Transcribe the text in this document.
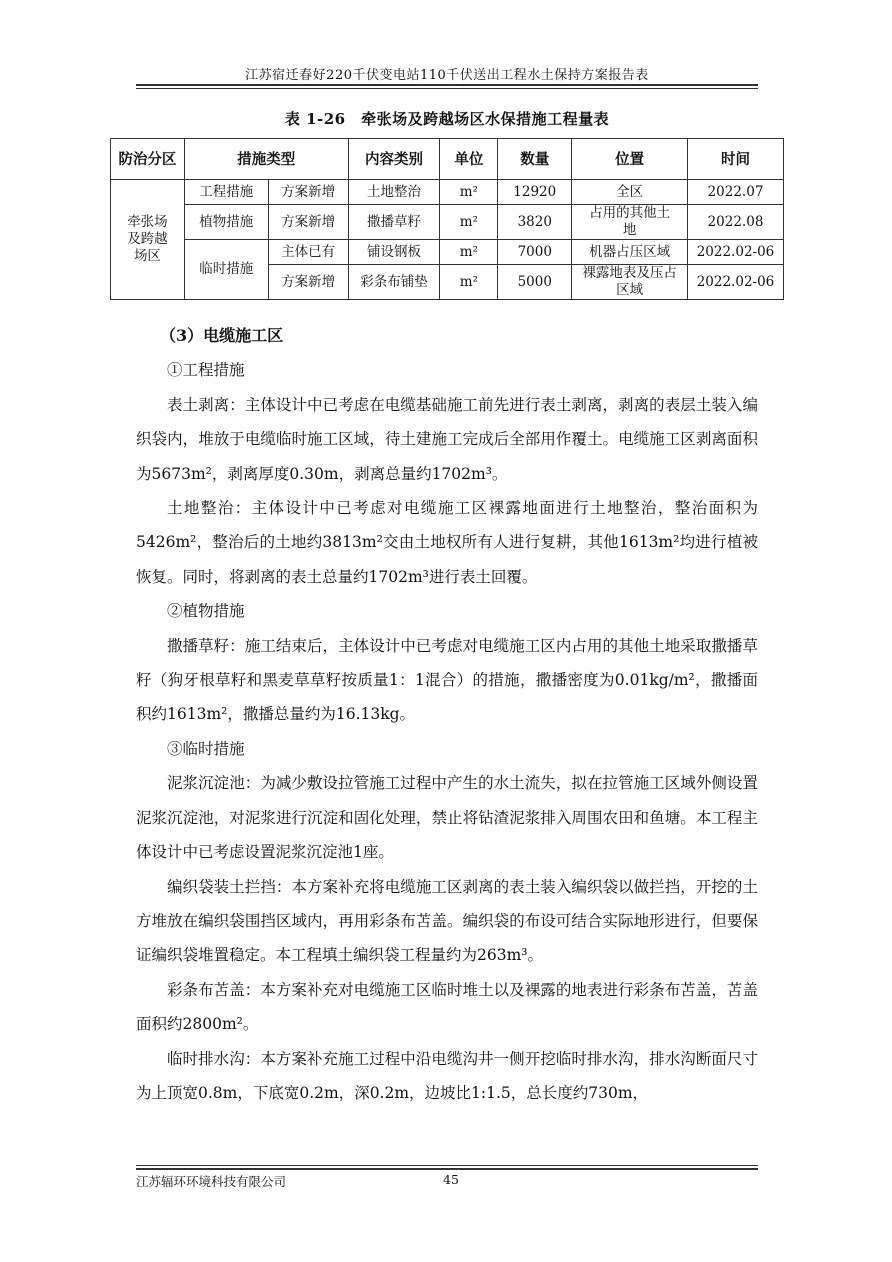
江苏宿迁春好220千伏变电站110千伏送出工程水土保持方案报告表
表 1-26　牵张场及跨越场区水保措施工程量表
防治分区	措施类型		内容类别	单位	数量	位置	时间
牵张场及跨越场区	工程措施	方案新增	土地整治	m²	12920	全区	2022.07
	植物措施	方案新增	撒播草籽	m²	3820	占用的其他土地	2022.08
	临时措施	主体已有	铺设钢板	m²	7000	机器占压区域	2022.02-06
		方案新增	彩条布铺垫	m²	5000	裸露地表及压占区域	2022.02-06

（3）电缆施工区

①工程措施

表土剥离：主体设计中已考虑在电缆基础施工前先进行表土剥离，剥离的表层土装入编织袋内，堆放于电缆临时施工区域，待土建施工完成后全部用作覆土。电缆施工区剥离面积为5673m²，剥离厚度0.30m，剥离总量约1702m³。

土地整治：主体设计中已考虑对电缆施工区裸露地面进行土地整治，整治面积为5426m²，整治后的土地约3813m²交由土地权所有人进行复耕，其他1613m²均进行植被恢复。同时，将剥离的表土总量约1702m³进行表土回覆。

②植物措施

撒播草籽：施工结束后，主体设计中已考虑对电缆施工区内占用的其他土地采取撒播草籽（狗牙根草籽和黑麦草草籽按质量1：1混合）的措施，撒播密度为0.01kg/m²，撒播面积约1613m²，撒播总量约为16.13kg。

③临时措施

泥浆沉淀池：为减少敷设拉管施工过程中产生的水土流失，拟在拉管施工区域外侧设置泥浆沉淀池，对泥浆进行沉淀和固化处理，禁止将钻渣泥浆排入周围农田和鱼塘。本工程主体设计中已考虑设置泥浆沉淀池1座。

编织袋装土拦挡：本方案补充将电缆施工区剥离的表土装入编织袋以做拦挡，开挖的土方堆放在编织袋围挡区域内，再用彩条布苫盖。编织袋的布设可结合实际地形进行，但要保证编织袋堆置稳定。本工程填土编织袋工程量约为263m³。

彩条布苫盖：本方案补充对电缆施工区临时堆土以及裸露的地表进行彩条布苫盖，苫盖面积约2800m²。

临时排水沟：本方案补充施工过程中沿电缆沟井一侧开挖临时排水沟，排水沟断面尺寸为上顶宽0.8m，下底宽0.2m，深0.2m，边坡比1:1.5，总长度约730m，

江苏辐环环境科技有限公司	45
